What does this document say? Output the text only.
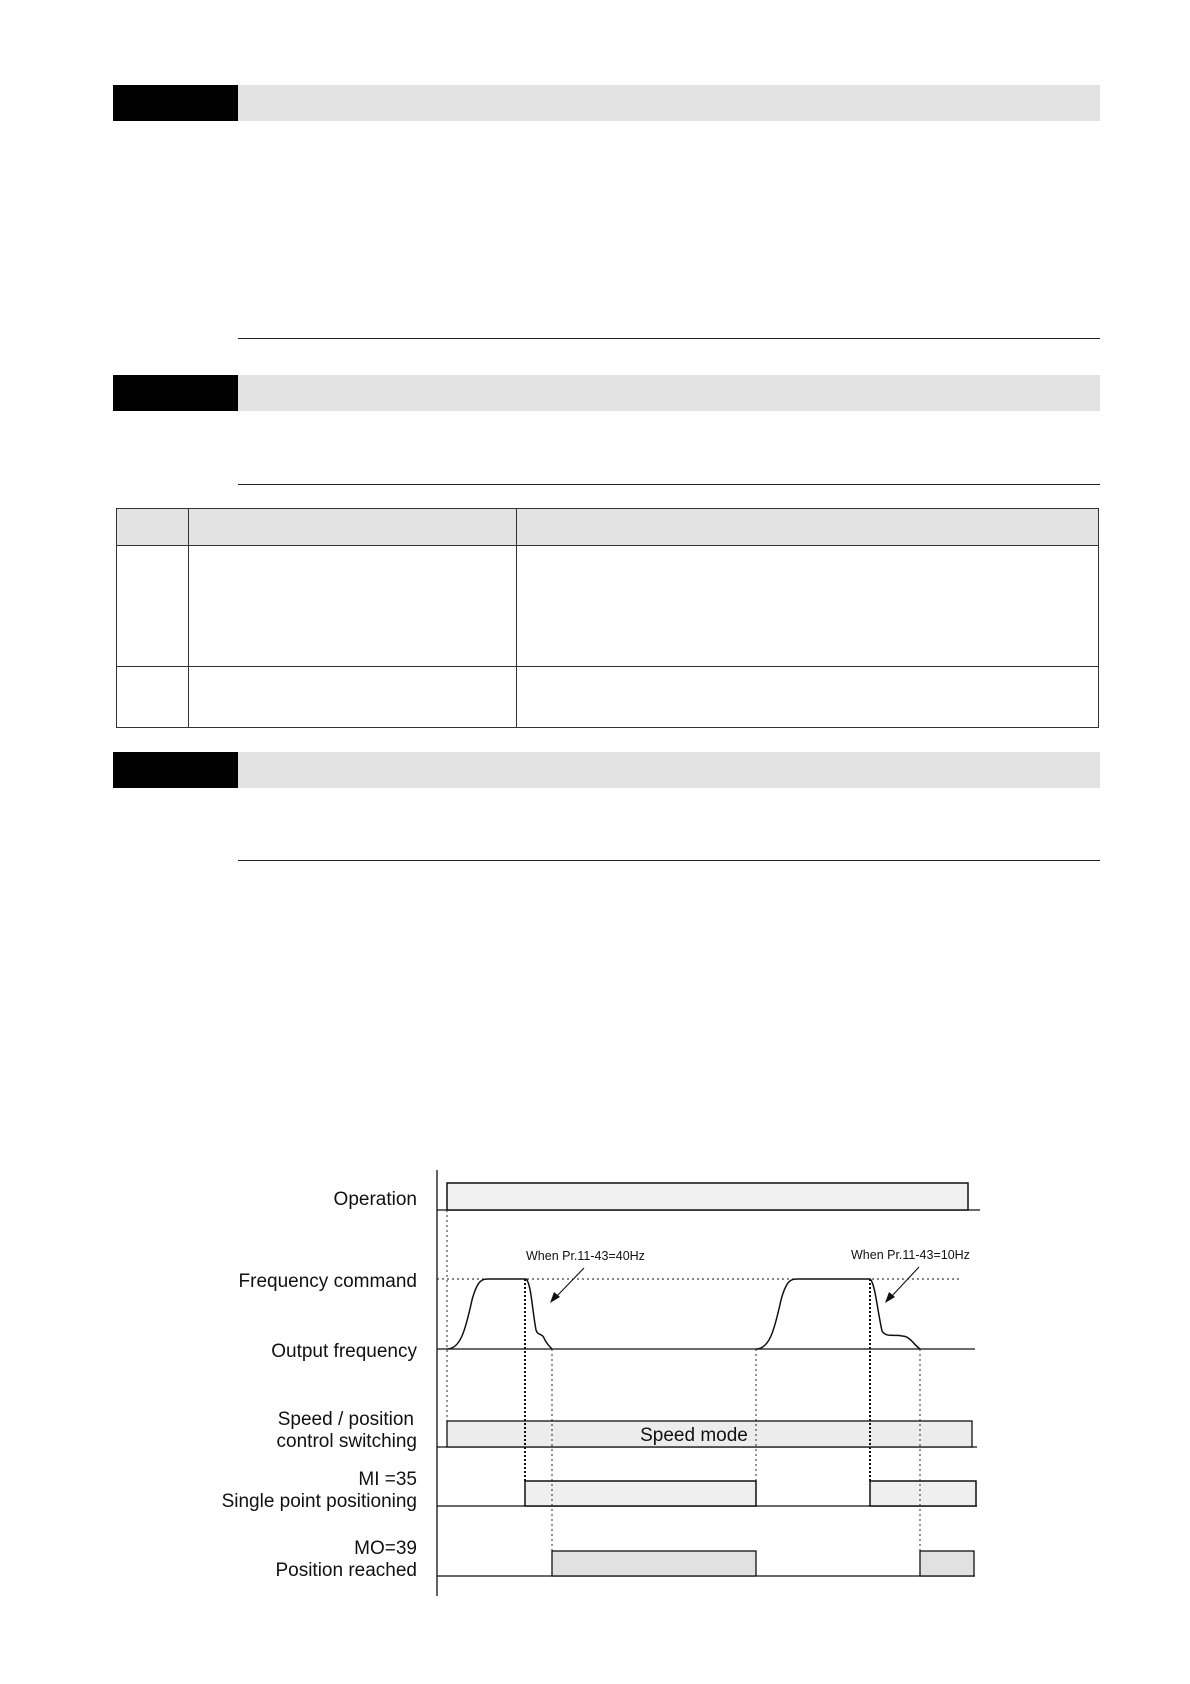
Speed mode
When Pr.11-43=40Hz	When Pr.11-43=10Hz
Operation
Frequency command
Output frequency
Speed / position
control switching
MI =35
Single point positioning
MO=39
Position reached
